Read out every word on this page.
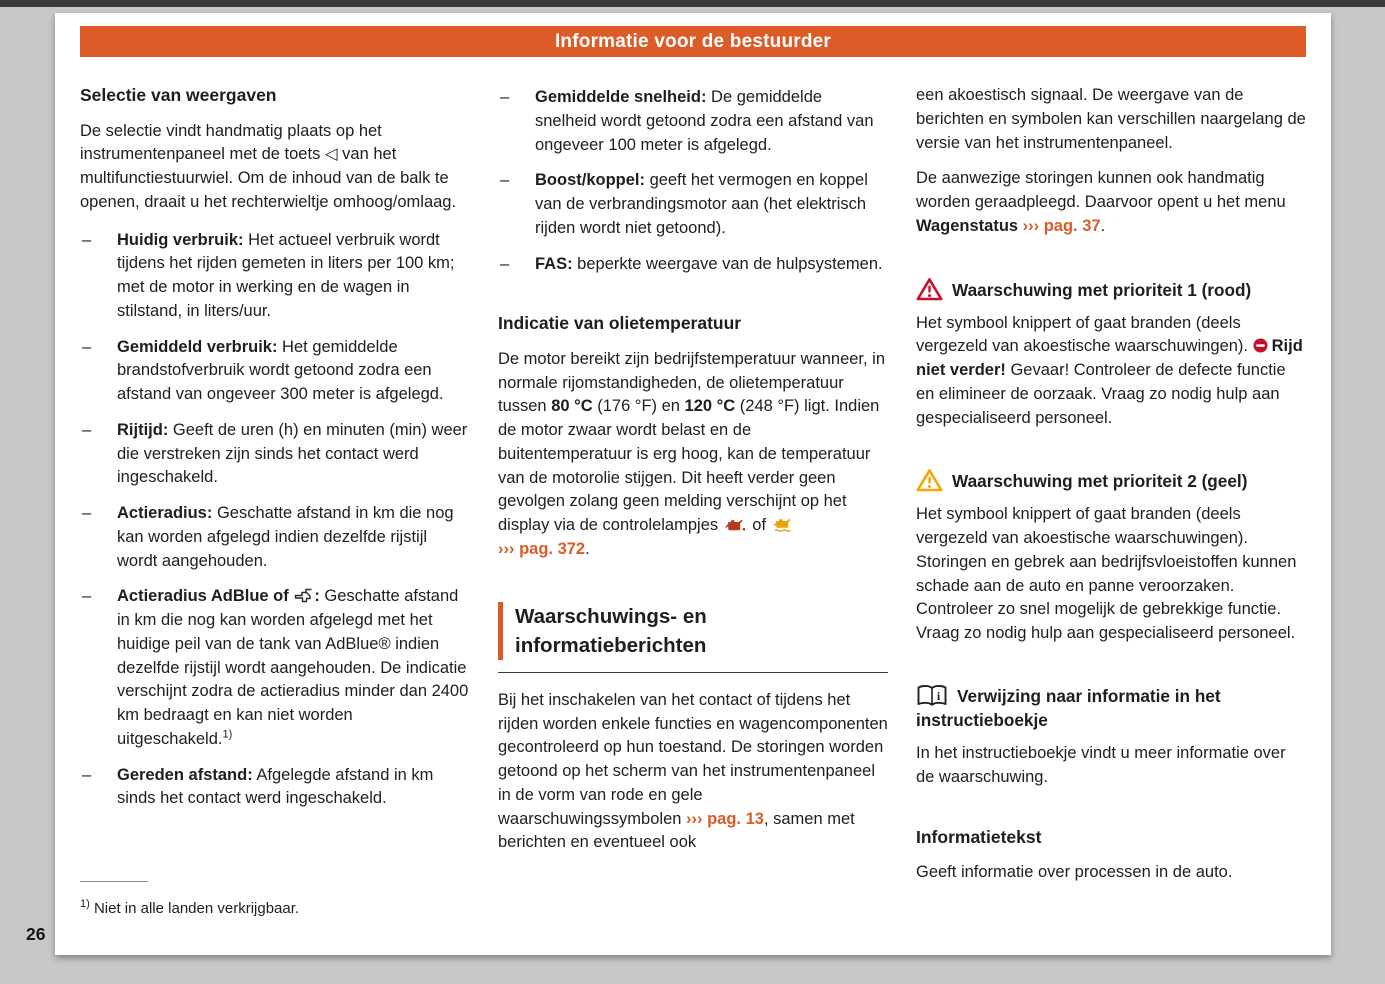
Informatie voor de bestuurder
Selectie van weergaven

De selectie vindt handmatig plaats op het instrumentenpaneel met de toets ◁ van het multifunctiestuurwiel. Om de inhoud van de balk te openen, draait u het rechterwieltje omhoog/omlaag.

– Huidig verbruik: Het actueel verbruik wordt tijdens het rijden gemeten in liters per 100 km; met de motor in werking en de wagen in stilstand, in liters/uur.
– Gemiddeld verbruik: Het gemiddelde brandstofverbruik wordt getoond zodra een afstand van ongeveer 300 meter is afgelegd.
– Rijtijd: Geeft de uren (h) en minuten (min) weer die verstreken zijn sinds het contact werd ingeschakeld.
– Actieradius: Geschatte afstand in km die nog kan worden afgelegd indien dezelfde rijstijl wordt aangehouden.
– Actieradius AdBlue of : Geschatte afstand in km die nog kan worden afgelegd met het huidige peil van de tank van AdBlue® indien dezelfde rijstijl wordt aangehouden. De indicatie verschijnt zodra de actieradius minder dan 2400 km bedraagt en kan niet worden uitgeschakeld.$^{1)}$
– Gereden afstand: Afgelegde afstand in km sinds het contact werd ingeschakeld.

$^{1)}$ Niet in alle landen verkrijgbaar.

– Gemiddelde snelheid: De gemiddelde snelheid wordt getoond zodra een afstand van ongeveer 100 meter is afgelegd.
– Boost/koppel: geeft het vermogen en koppel van de verbrandingsmotor aan (het elektrisch rijden wordt niet getoond).
– FAS: beperkte weergave van de hulpsystemen.
Indicatie van olietemperatuur

De motor bereikt zijn bedrijfstemperatuur wanneer, in normale rijomstandigheden, de olietemperatuur tussen 80 °C (176 °F) en 120 °C (248 °F) ligt. Indien de motor zwaar wordt belast en de buitentemperatuur is erg hoog, kan de temperatuur van de motorolie stijgen. Dit heeft verder geen gevolgen zolang geen melding verschijnt op het display via de controlelampjes  of  ››› pag. 372.

Waarschuwings- en informatieberichten

Bij het inschakelen van het contact of tijdens het rijden worden enkele functies en wagencomponenten gecontroleerd op hun toestand. De storingen worden getoond op het scherm van het instrumentenpaneel in de vorm van rode en gele waarschuwingssymbolen ››› pag. 13, samen met berichten en eventueel ook

een akoestisch signaal. De weergave van de berichten en symbolen kan verschillen naargelang de versie van het instrumentenpaneel.

De aanwezige storingen kunnen ook handmatig worden geraadpleegd. Daarvoor opent u het menu Wagenstatus ››› pag. 37.

Waarschuwing met prioriteit 1 (rood)

Het symbool knippert of gaat branden (deels vergezeld van akoestische waarschuwingen). Rijd niet verder! Gevaar! Controleer de defecte functie en elimineer de oorzaak. Vraag zo nodig hulp aan gespecialiseerd personeel.

Waarschuwing met prioriteit 2 (geel)

Het symbool knippert of gaat branden (deels vergezeld van akoestische waarschuwingen). Storingen en gebrek aan bedrijfsvloeistoffen kunnen schade aan de auto en panne veroorzaken. Controleer zo snel mogelijk de gebrekkige functie. Vraag zo nodig hulp aan gespecialiseerd personeel.

i Verwijzing naar informatie in het instructieboekje

In het instructieboekje vindt u meer informatie over de waarschuwing.

Informatietekst

Geeft informatie over processen in de auto.

26
